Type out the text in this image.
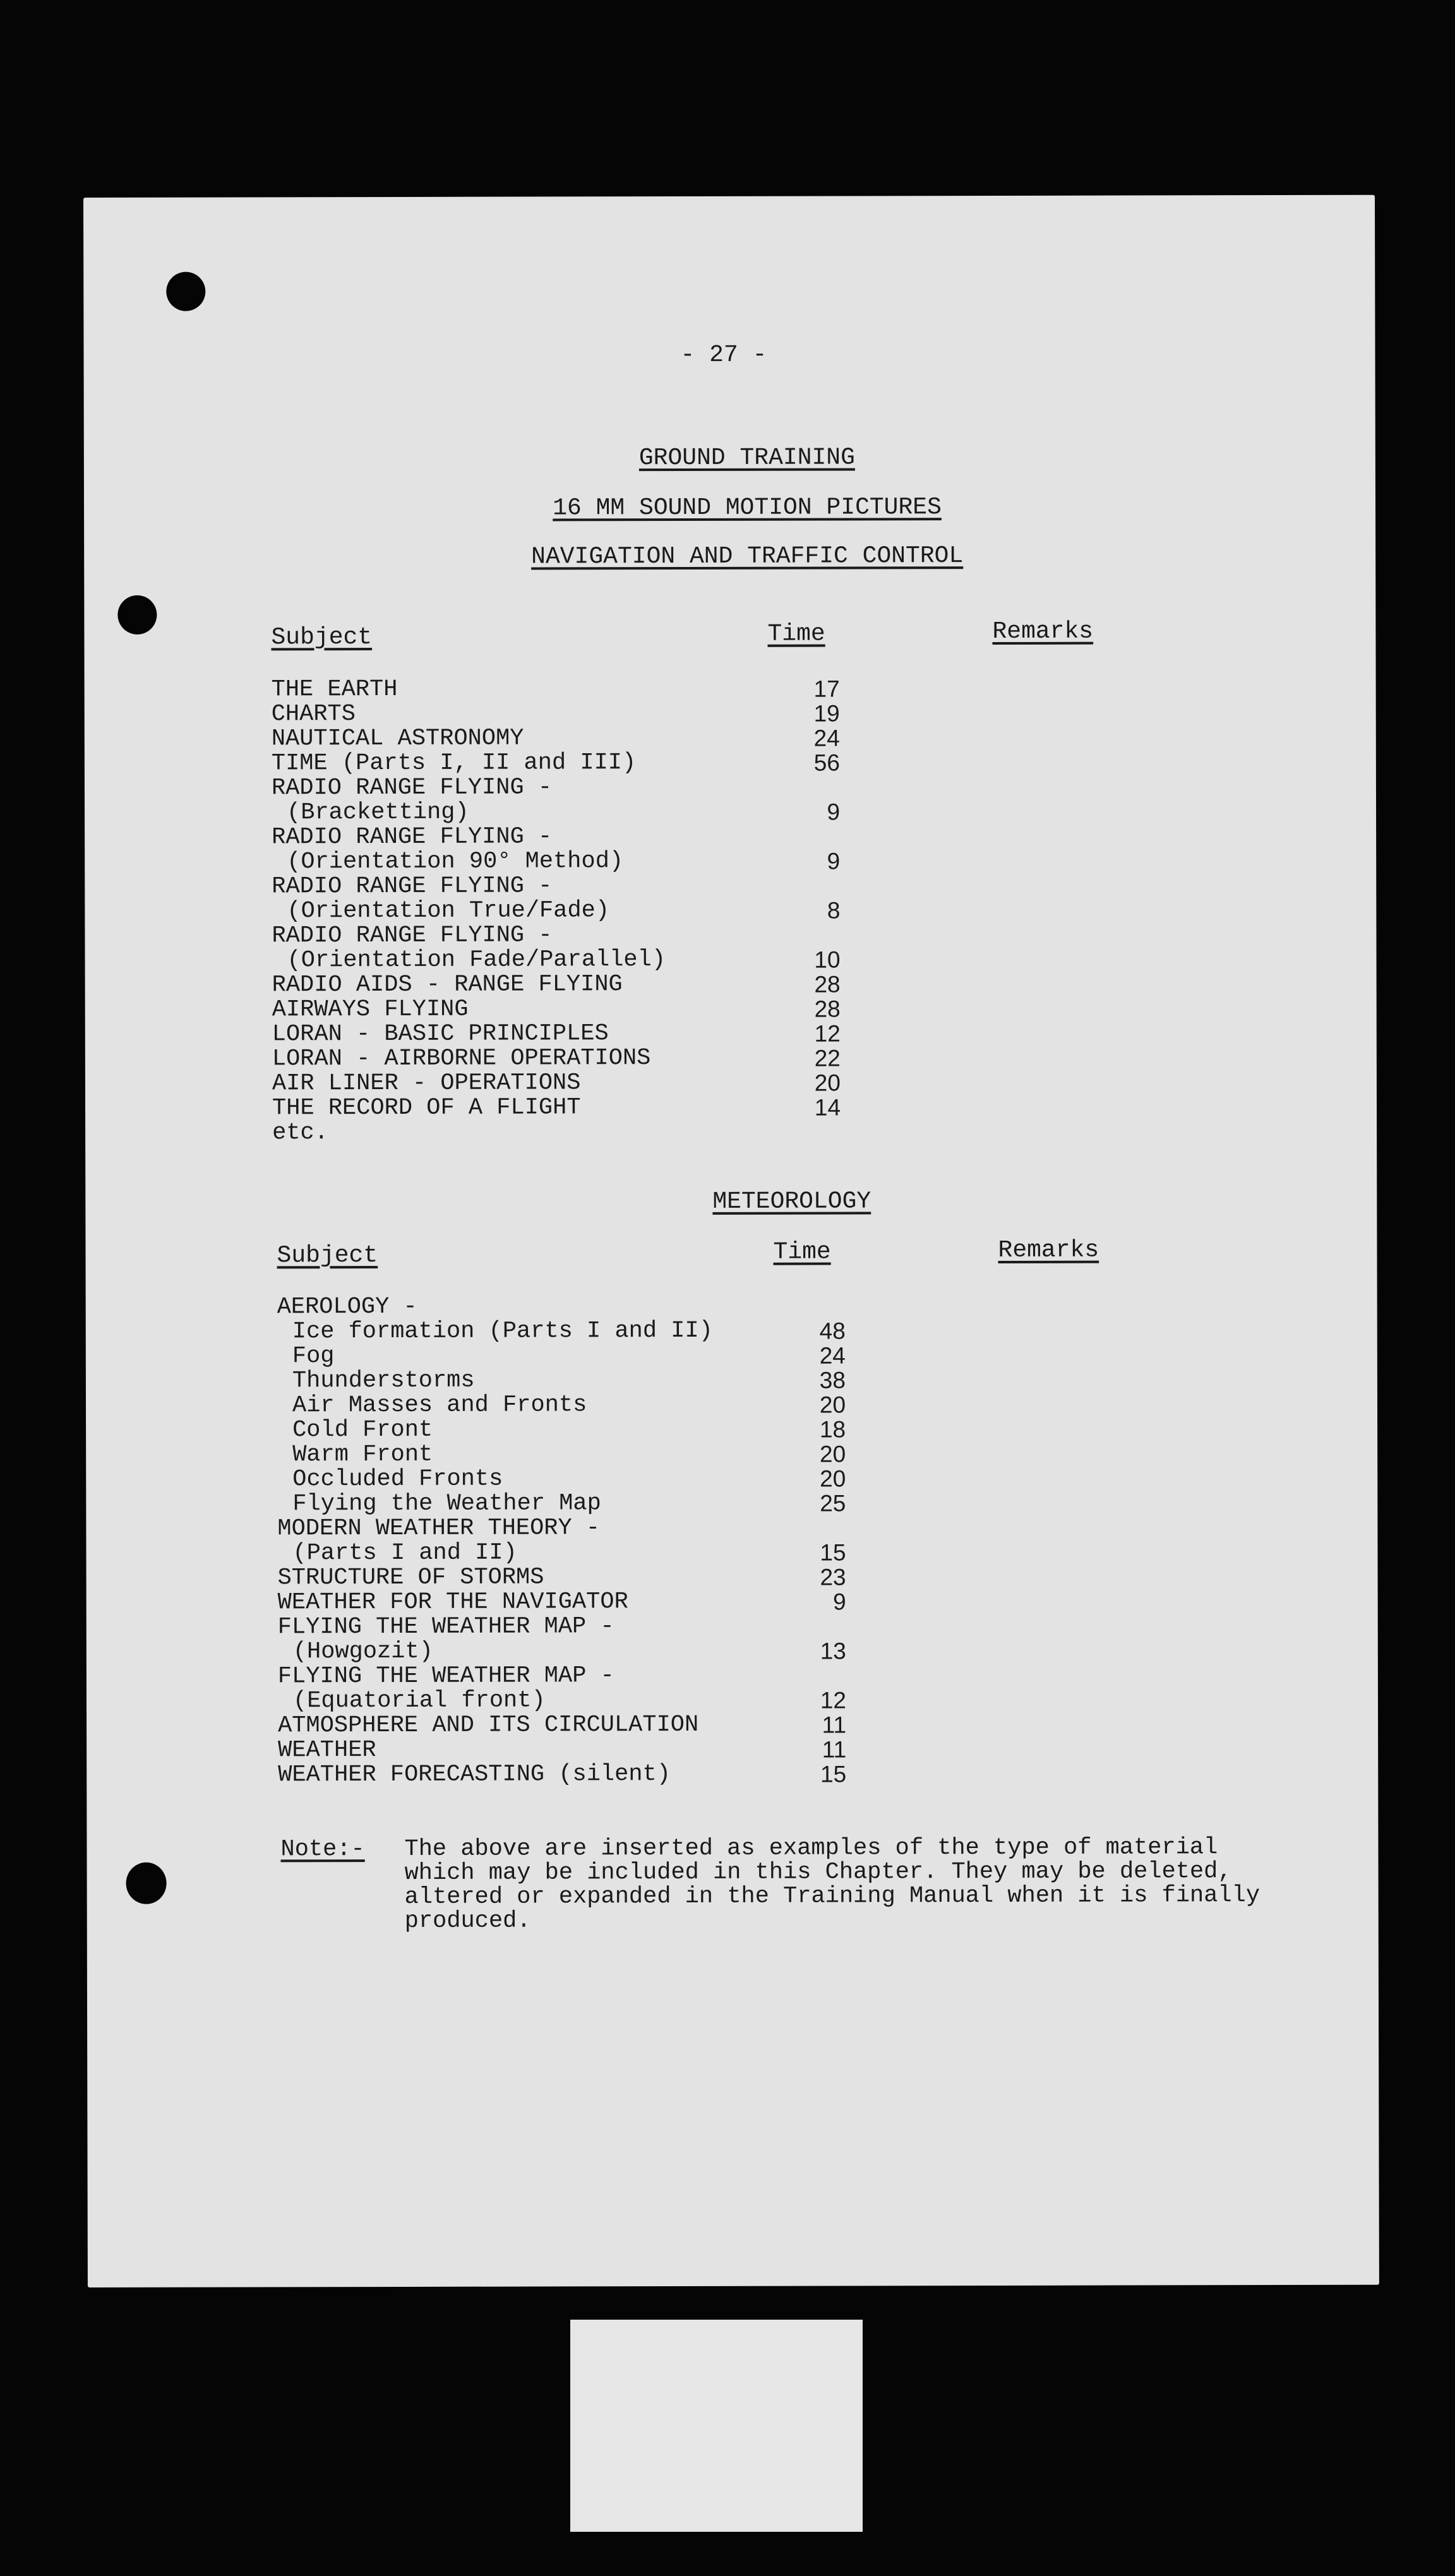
- 27 -
GROUND TRAINING
16 MM SOUND MOTION PICTURES
NAVIGATION AND TRAFFIC CONTROL
Subject	Time	Remarks
THE EARTH	17
CHARTS	19
NAUTICAL ASTRONOMY	24
TIME (Parts I, II and III)	56
RADIO RANGE FLYING -
(Bracketting)	9
RADIO RANGE FLYING -
(Orientation 90° Method)	9
RADIO RANGE FLYING -
(Orientation True/Fade)	8
RADIO RANGE FLYING -
(Orientation Fade/Parallel)	10
RADIO AIDS - RANGE FLYING	28
AIRWAYS FLYING	28
LORAN - BASIC PRINCIPLES	12
LORAN - AIRBORNE OPERATIONS	22
AIR LINER - OPERATIONS	20
THE RECORD OF A FLIGHT	14
etc.
METEOROLOGY
Subject	Time	Remarks
AEROLOGY -
Ice formation (Parts I and II)	48
Fog	24
Thunderstorms	38
Air Masses and Fronts	20
Cold Front	18
Warm Front	20
Occluded Fronts	20
Flying the Weather Map	25
MODERN WEATHER THEORY -
(Parts I and II)	15
STRUCTURE OF STORMS	23
WEATHER FOR THE NAVIGATOR	9
FLYING THE WEATHER MAP -
(Howgozit)	13
FLYING THE WEATHER MAP -
(Equatorial front)	12
ATMOSPHERE AND ITS CIRCULATION	11
WEATHER	11
WEATHER FORECASTING (silent)	15
Note:- The above are inserted as examples of the type of material
which may be included in this Chapter. They may be deleted,
altered or expanded in the Training Manual when it is finally
produced.
